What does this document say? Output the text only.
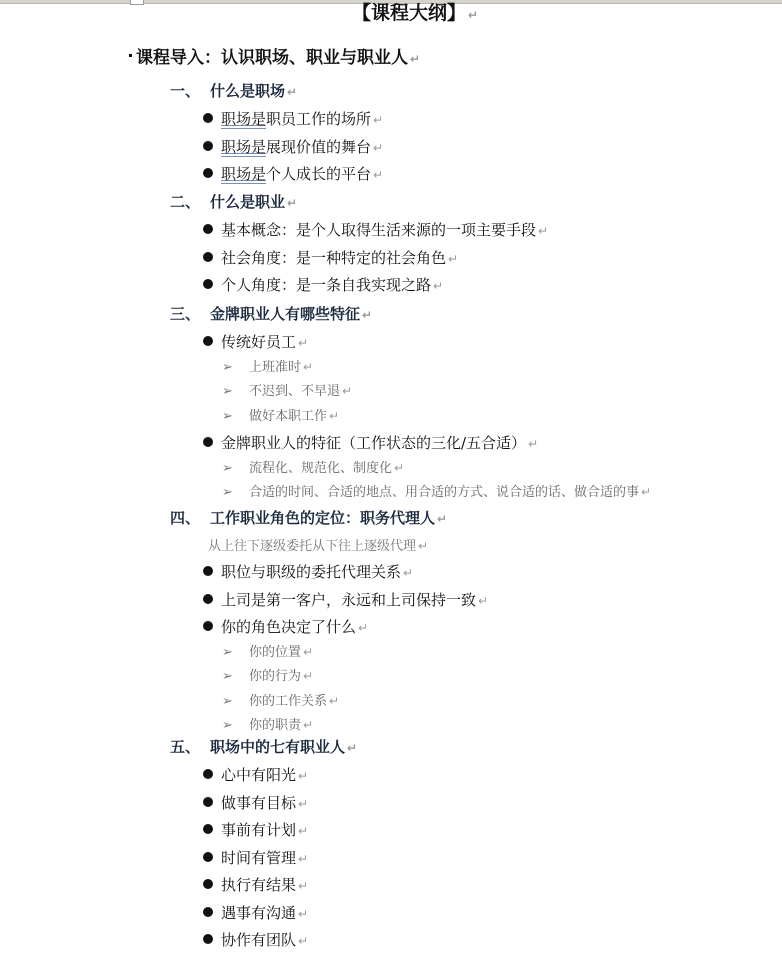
【课程大纲】 ↵
课程导入：认识职场、职业与职业人 ↵
一、 什么是职场 ↵
职场是职员工作的场所 ↵
职场是展现价值的舞台 ↵
职场是个人成长的平台 ↵
二、 什么是职业 ↵
基本概念：是个人取得生活来源的一项主要手段 ↵
社会角度：是一种特定的社会角色 ↵
个人角度：是一条自我实现之路 ↵
三、 金牌职业人有哪些特征 ↵
传统好员工 ↵
➢ 上班准时 ↵
➢ 不迟到、不早退 ↵
➢ 做好本职工作 ↵
金牌职业人的特征（工作状态的三化/五合适） ↵
➢ 流程化、规范化、制度化 ↵
➢ 合适的时间、合适的地点、用合适的方式、说合适的话、做合适的事 ↵
四、 工作职业角色的定位：职务代理人 ↵
从上往下逐级委托从下往上逐级代理 ↵
职位与职级的委托代理关系 ↵
上司是第一客户，永远和上司保持一致 ↵
你的角色决定了什么 ↵
➢ 你的位置 ↵
➢ 你的行为 ↵
➢ 你的工作关系 ↵
➢ 你的职责 ↵
五、 职场中的七有职业人 ↵
心中有阳光 ↵
做事有目标 ↵
事前有计划 ↵
时间有管理 ↵
执行有结果 ↵
遇事有沟通 ↵
协作有团队 ↵
